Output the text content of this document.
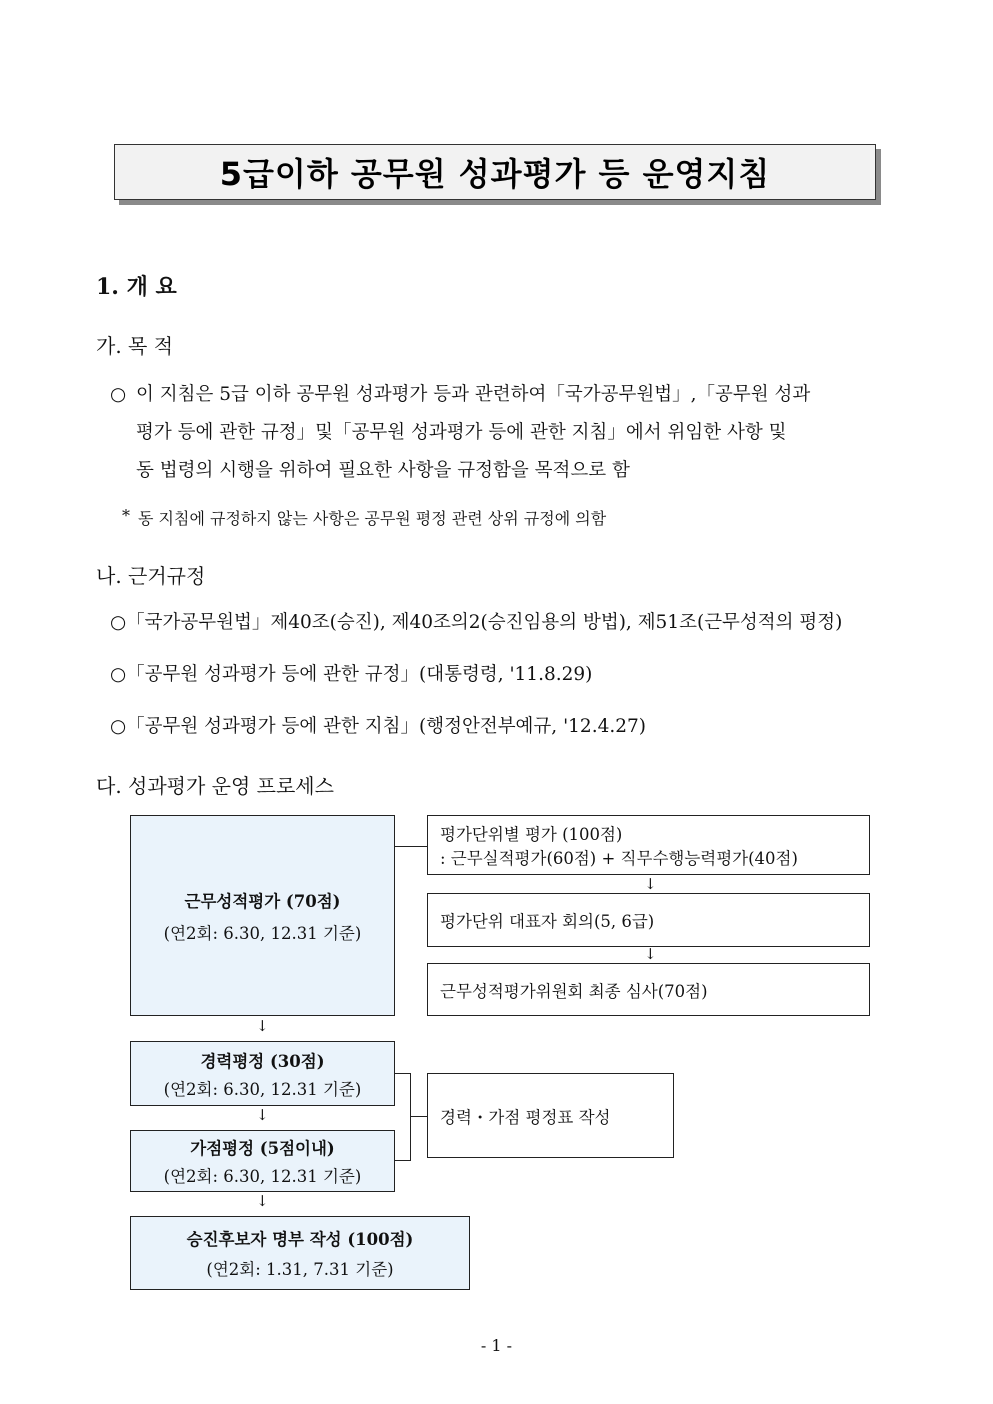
5급이하 공무원 성과평가 등 운영지침
1. 개 요
가. 목 적
○ 이 지침은 5급 이하 공무원 성과평가 등과 관련하여「국가공무원법」,「공무원 성과
평가 등에 관한 규정」및「공무원 성과평가 등에 관한 지침」에서 위임한 사항 및
동 법령의 시행을 위하여 필요한 사항을 규정함을 목적으로 함
* 동 지침에 규정하지 않는 사항은 공무원 평정 관련 상위 규정에 의함
나. 근거규정
○「국가공무원법」제40조(승진), 제40조의2(승진임용의 방법), 제51조(근무성적의 평정)
○「공무원 성과평가 등에 관한 규정」(대통령령, '11.8.29)
○「공무원 성과평가 등에 관한 지침」(행정안전부예규, '12.4.27)
다. 성과평가 운영 프로세스
근무성적평가 (70점)
(연2회: 6.30, 12.31 기준)
평가단위별 평가 (100점)
: 근무실적평가(60점) + 직무수행능력평가(40점)
↓
평가단위 대표자 회의(5, 6급)
↓
근무성적평가위원회 최종 심사(70점)
↓
경력평정 (30점)
(연2회: 6.30, 12.31 기준)
↓
가점평정 (5점이내)
(연2회: 6.30, 12.31 기준)
경력・가점 평정표 작성
↓
승진후보자 명부 작성 (100점)
(연2회: 1.31, 7.31 기준)
- 1 -
